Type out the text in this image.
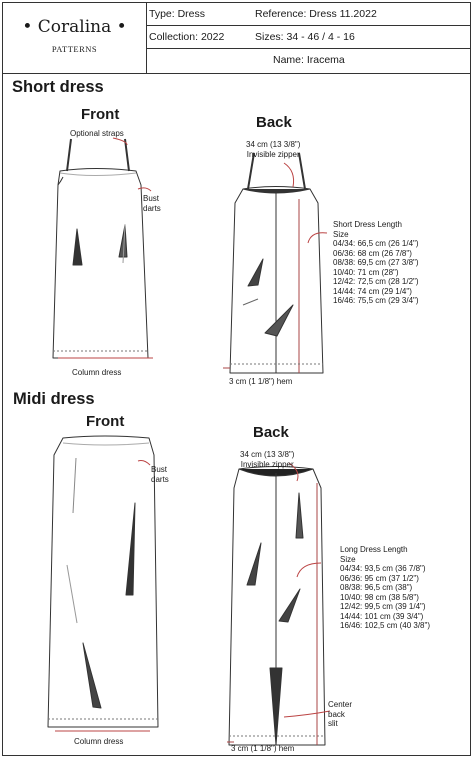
• Coralina •
PATTERNS
Type: Dress	Reference: Dress 11.2022
Collection: 2022	Sizes: 34 - 46 / 4 - 16
Name: Iracema
Short dress
Front	Back
Optional straps
Bust
darts
34 cm (13 3/8")
Invisible zipper
Column dress
3 cm (1 1/8") hem
Short Dress Length
Size
04/34: 66,5 cm (26 1/4")
06/36: 68 cm (26 7/8")
08/38: 69,5 cm (27 3/8")
10/40: 71 cm (28")
12/42: 72,5 cm (28 1/2")
14/44: 74 cm (29 1/4")
16/46: 75,5 cm (29 3/4")
Midi dress
Front
Back
Bust
darts
34 cm (13 3/8")
Invisible zipper
Column dress
3 cm (1 1/8") hem
Center
back
slit
Long Dress Length
Size
04/34: 93,5 cm (36 7/8")
06/36: 95 cm (37 1/2")
08/38: 96,5 cm (38")
10/40: 98 cm (38 5/8")
12/42: 99,5 cm (39 1/4")
14/44: 101 cm (39 3/4")
16/46: 102,5 cm (40 3/8")
